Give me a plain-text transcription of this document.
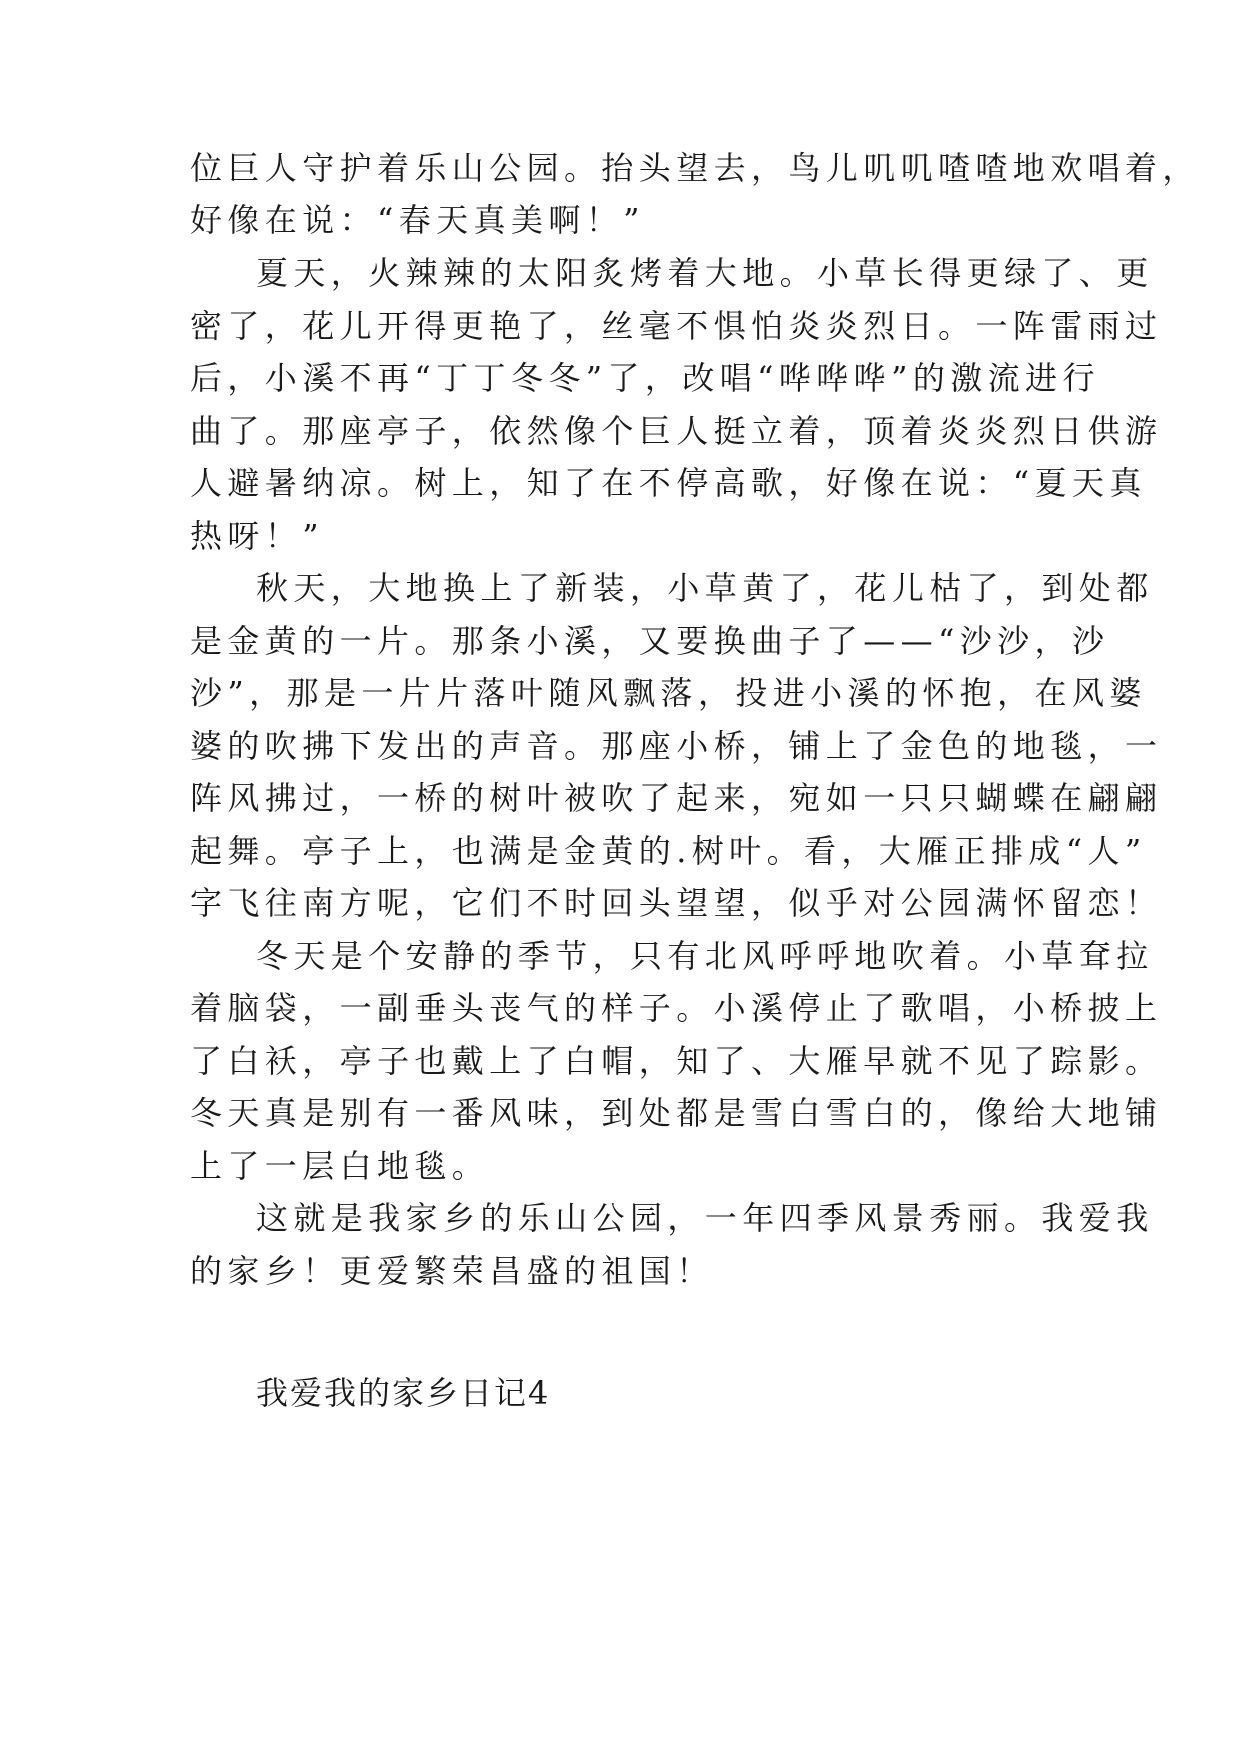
位巨人守护着乐山公园。抬头望去，鸟儿叽叽喳喳地欢唱着，
好像在说：“春天真美啊！”
夏天，火辣辣的太阳炙烤着大地。小草长得更绿了、更
密了，花儿开得更艳了，丝毫不惧怕炎炎烈日。一阵雷雨过
后，小溪不再“丁丁冬冬”了，改唱“哗哗哗”的激流进行
曲了。那座亭子，依然像个巨人挺立着，顶着炎炎烈日供游
人避暑纳凉。树上，知了在不停高歌，好像在说：“夏天真
热呀！”
秋天，大地换上了新装，小草黄了，花儿枯了，到处都
是金黄的一片。那条小溪，又要换曲子了——“沙沙，沙
沙”，那是一片片落叶随风飘落，投进小溪的怀抱，在风婆
婆的吹拂下发出的声音。那座小桥，铺上了金色的地毯，一
阵风拂过，一桥的树叶被吹了起来，宛如一只只蝴蝶在翩翩
起舞。亭子上，也满是金黄的.树叶。看，大雁正排成“人”
字飞往南方呢，它们不时回头望望，似乎对公园满怀留恋！
冬天是个安静的季节，只有北风呼呼地吹着。小草耷拉
着脑袋，一副垂头丧气的样子。小溪停止了歌唱，小桥披上
了白袄，亭子也戴上了白帽，知了、大雁早就不见了踪影。
冬天真是别有一番风味，到处都是雪白雪白的，像给大地铺
上了一层白地毯。
这就是我家乡的乐山公园，一年四季风景秀丽。我爱我
的家乡！更爱繁荣昌盛的祖国！
我爱我的家乡日记4
